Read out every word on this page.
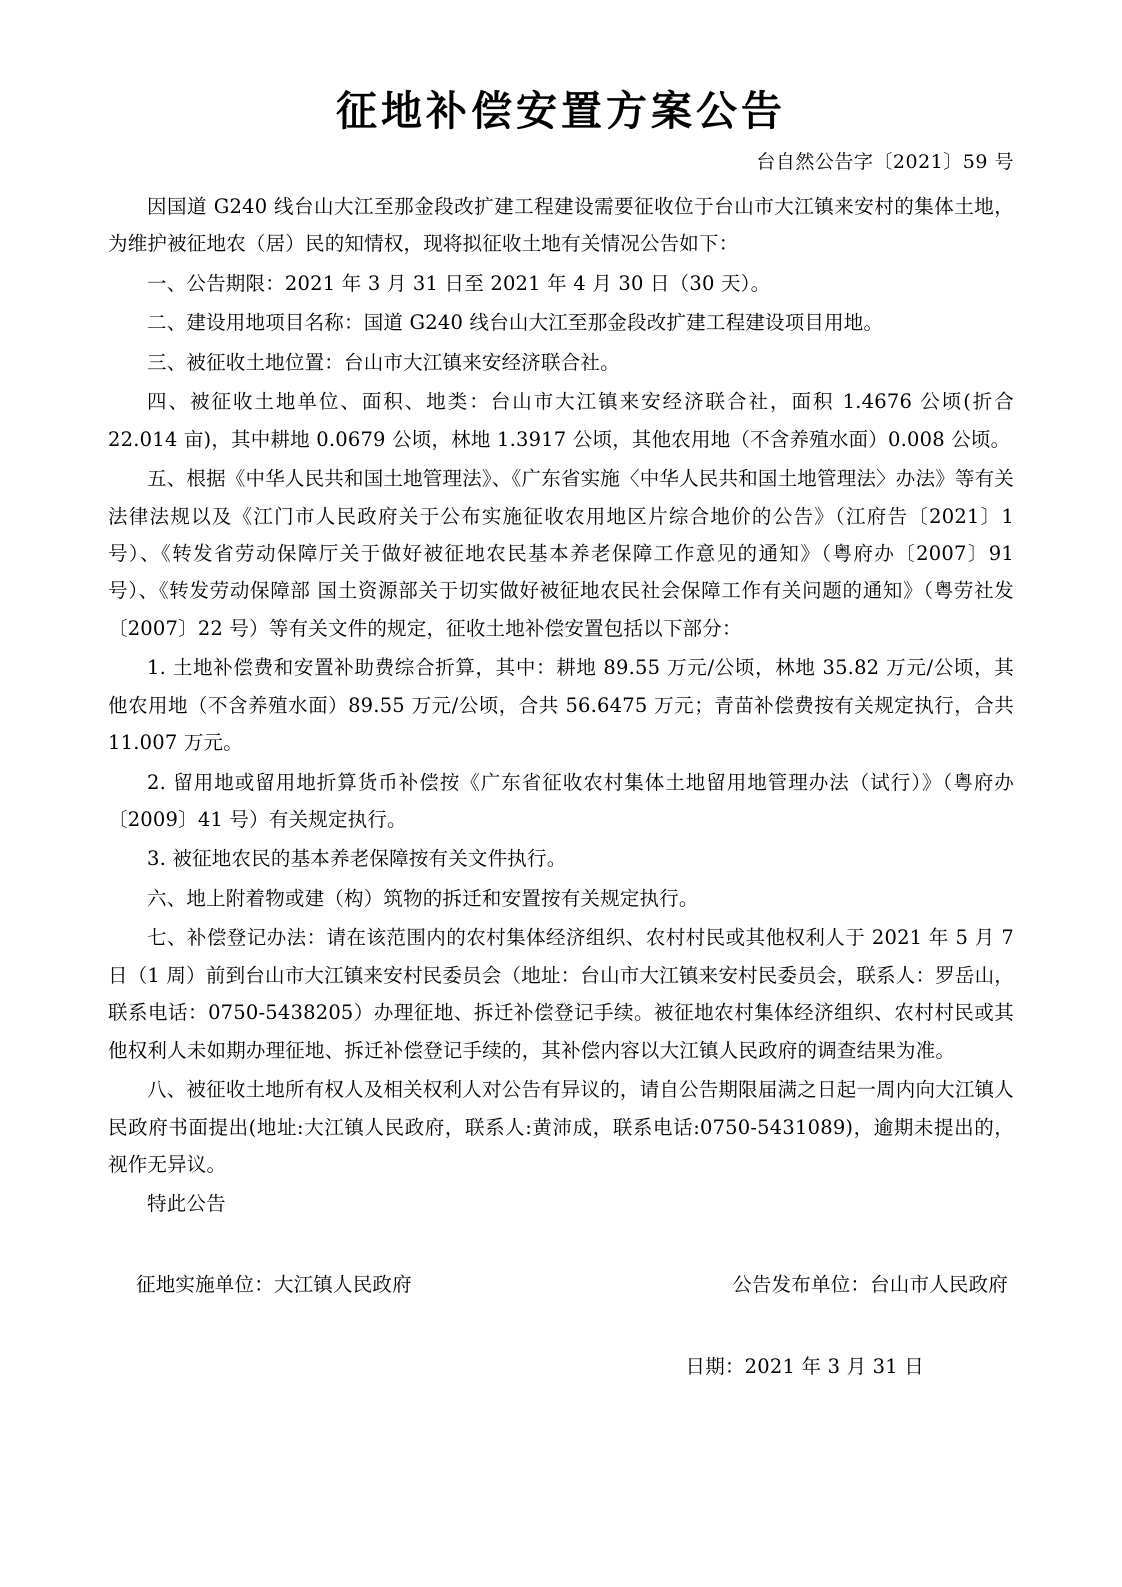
征地补偿安置方案公告
台自然公告字〔2021〕59 号

因国道 G240 线台山大江至那金段改扩建工程建设需要征收位于台山市大江镇来安村的集体土地，为维护被征地农（居）民的知情权，现将拟征收土地有关情况公告如下：

一、公告期限：2021 年 3 月 31 日至 2021 年 4 月 30 日（30 天）。

二、建设用地项目名称：国道 G240 线台山大江至那金段改扩建工程建设项目用地。

三、被征收土地位置：台山市大江镇来安经济联合社。

四、被征收土地单位、面积、地类：台山市大江镇来安经济联合社，面积 1.4676 公顷(折合 22.014 亩)，其中耕地 0.0679 公顷，林地 1.3917 公顷，其他农用地（不含养殖水面）0.008 公顷。

五、根据《中华人民共和国土地管理法》、《广东省实施〈中华人民共和国土地管理法〉办法》等有关法律法规以及《江门市人民政府关于公布实施征收农用地区片综合地价的公告》（江府告〔2021〕1 号）、《转发省劳动保障厅关于做好被征地农民基本养老保障工作意见的通知》（粤府办〔2007〕91 号）、《转发劳动保障部 国土资源部关于切实做好被征地农民社会保障工作有关问题的通知》（粤劳社发〔2007〕22 号）等有关文件的规定，征收土地补偿安置包括以下部分：

1. 土地补偿费和安置补助费综合折算，其中：耕地 89.55 万元/公顷，林地 35.82 万元/公顷，其他农用地（不含养殖水面）89.55 万元/公顷，合共 56.6475 万元；青苗补偿费按有关规定执行，合共 11.007 万元。

2. 留用地或留用地折算货币补偿按《广东省征收农村集体土地留用地管理办法（试行）》（粤府办〔2009〕41 号）有关规定执行。

3. 被征地农民的基本养老保障按有关文件执行。

六、地上附着物或建（构）筑物的拆迁和安置按有关规定执行。

七、补偿登记办法：请在该范围内的农村集体经济组织、农村村民或其他权利人于 2021 年 5 月 7 日（1 周）前到台山市大江镇来安村民委员会（地址：台山市大江镇来安村民委员会，联系人：罗岳山，联系电话：0750-5438205）办理征地、拆迁补偿登记手续。被征地农村集体经济组织、农村村民或其他权利人未如期办理征地、拆迁补偿登记手续的，其补偿内容以大江镇人民政府的调查结果为准。

八、被征收土地所有权人及相关权利人对公告有异议的，请自公告期限届满之日起一周内向大江镇人民政府书面提出(地址:大江镇人民政府，联系人:黄沛成，联系电话:0750-5431089)，逾期未提出的，视作无异议。

特此公告

征地实施单位：大江镇人民政府	公告发布单位：台山市人民政府
日期：2021 年 3 月 31 日
